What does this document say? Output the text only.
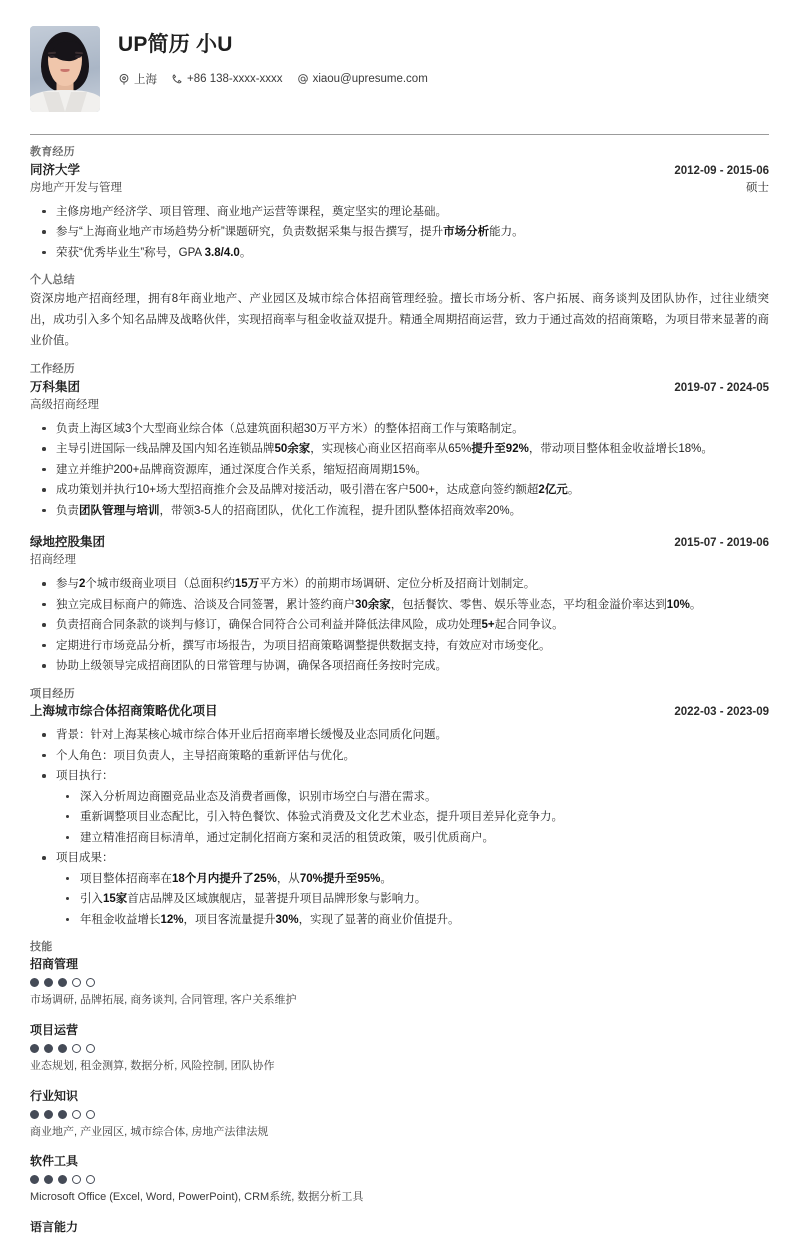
UP简历 小U
上海	+86 138-xxxx-xxxx	xiaou@upresume.com
教育经历
同济大学	2012-09 - 2015-06
房地产开发与管理	硕士
主修房地产经济学、项目管理、商业地产运营等课程，奠定坚实的理论基础。
参与“上海商业地产市场趋势分析”课题研究，负责数据采集与报告撰写，提升市场分析能力。
荣获“优秀毕业生”称号，GPA 3.8/4.0。
个人总结
资深房地产招商经理，拥有8年商业地产、产业园区及城市综合体招商管理经验。擅长市场分析、客户拓展、商务谈判及团队协作，过往业绩突出，成功引入多个知名品牌及战略伙伴，实现招商率与租金收益双提升。精通全周期招商运营，致力于通过高效的招商策略，为项目带来显著的商业价值。
工作经历
万科集团	2019-07 - 2024-05
高级招商经理
负责上海区域3个大型商业综合体（总建筑面积超30万平方米）的整体招商工作与策略制定。
主导引进国际一线品牌及国内知名连锁品牌50余家，实现核心商业区招商率从65%提升至92%，带动项目整体租金收益增长18%。
建立并维护200+品牌商资源库，通过深度合作关系，缩短招商周期15%。
成功策划并执行10+场大型招商推介会及品牌对接活动，吸引潜在客户500+，达成意向签约额超2亿元。
负责团队管理与培训，带领3-5人的招商团队，优化工作流程，提升团队整体招商效率20%。
绿地控股集团	2015-07 - 2019-06
招商经理
参与2个城市级商业项目（总面积约15万平方米）的前期市场调研、定位分析及招商计划制定。
独立完成目标商户的筛选、洽谈及合同签署，累计签约商户30余家，包括餐饮、零售、娱乐等业态，平均租金溢价率达到10%。
负责招商合同条款的谈判与修订，确保合同符合公司利益并降低法律风险，成功处理5+起合同争议。
定期进行市场竞品分析，撰写市场报告，为项目招商策略调整提供数据支持，有效应对市场变化。
协助上级领导完成招商团队的日常管理与协调，确保各项招商任务按时完成。
项目经历
上海城市综合体招商策略优化项目	2022-03 - 2023-09
背景：针对上海某核心城市综合体开业后招商率增长缓慢及业态同质化问题。
个人角色：项目负责人，主导招商策略的重新评估与优化。
项目执行：
深入分析周边商圈竞品业态及消费者画像，识别市场空白与潜在需求。
重新调整项目业态配比，引入特色餐饮、体验式消费及文化艺术业态，提升项目差异化竞争力。
建立精准招商目标清单，通过定制化招商方案和灵活的租赁政策，吸引优质商户。
项目成果：
项目整体招商率在18个月内提升了25%，从70%提升至95%。
引入15家首店品牌及区域旗舰店，显著提升项目品牌形象与影响力。
年租金收益增长12%，项目客流量提升30%，实现了显著的商业价值提升。
技能
招商管理
市场调研, 品牌拓展, 商务谈判, 合同管理, 客户关系维护
项目运营
业态规划, 租金测算, 数据分析, 风险控制, 团队协作
行业知识
商业地产, 产业园区, 城市综合体, 房地产法律法规
软件工具
Microsoft Office (Excel, Word, PowerPoint), CRM系统, 数据分析工具
语言能力
